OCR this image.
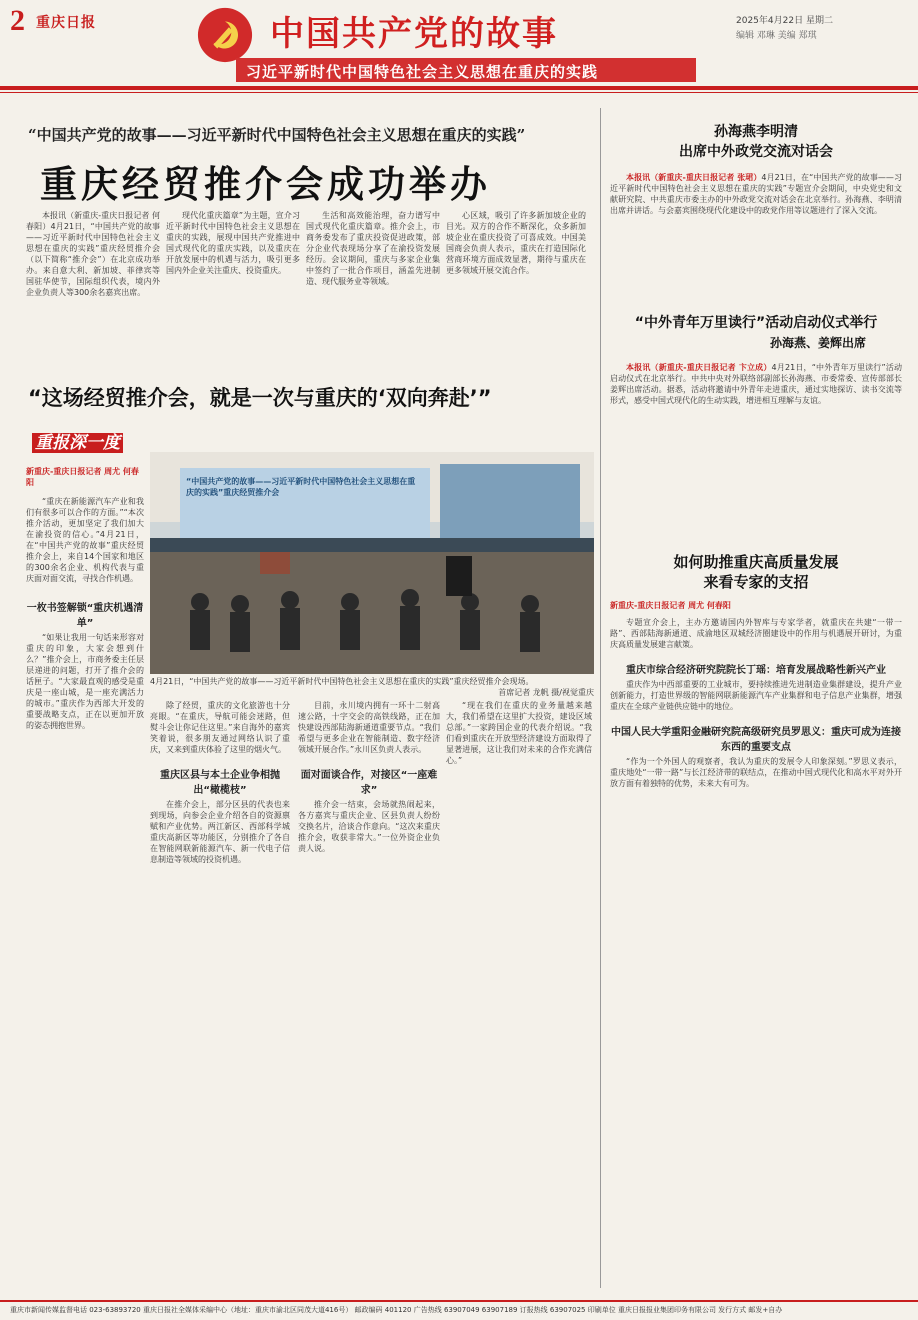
2 重庆日报	中国共产党的故事
习近平新时代中国特色社会主义思想在重庆的实践
2025年4月22日 星期二
编辑 邓琳 美编 郑琪
“中国共产党的故事——习近平新时代中国特色社会主义思想在重庆的实践”
重庆经贸推介会成功举办

本报讯（新重庆-重庆日报记者 何春阳）4月21日，“中国共产党的故事——习近平新时代中国特色社会主义思想在重庆的实践”重庆经贸推介会（以下简称“推介会”）在北京成功举办。来自意大利、新加坡、菲律宾等国驻华使节，国际组织代表，境内外企业负责人等300余名嘉宾出席。

现代化重庆篇章”为主题，宣介习近平新时代中国特色社会主义思想在重庆的实践，展现中国共产党推进中国式现代化的重庆实践，以及重庆在开放发展中的机遇与活力，吸引更多国内外企业关注重庆、投资重庆。

生活和高效能治理，奋力谱写中国式现代化重庆篇章。推介会上，市商务委发布了重庆投资促进政策，部分企业代表现场分享了在渝投资发展经历。会议期间，重庆与多家企业集中签约了一批合作项目，涵盖先进制造、现代服务业等领域。

心区域，吸引了许多新加坡企业的目光。双方的合作不断深化，众多新加坡企业在重庆投资了可喜成效。中国美国商会负责人表示，重庆在打造国际化营商环境方面成效显著，期待与重庆在更多领域开展交流合作。

“这场经贸推介会，就是一次与重庆的‘双向奔赴’”
重报深一度
新重庆-重庆日报记者 周尤 何春阳

“重庆在新能源汽车产业和我们有很多可以合作的方面。”“本次推介活动，更加坚定了我们加大在渝投资的信心。”4月21日，在“中国共产党的故事”重庆经贸推介会上，来自14个国家和地区的300余名企业、机构代表与重庆面对面交流，寻找合作机遇。

一枚书签解锁“重庆机遇清单”

“如果让我用一句话来形容对重庆的印象，大家会想到什么？”推介会上，市商务委主任层层递进的问题，打开了推介会的话匣子。“大家最直观的感受是重庆是一座山城，是一座充满活力的城市。”重庆作为西部大开发的重要战略支点，正在以更加开放的姿态拥抱世界。

除了经贸，重庆的文化旅游也十分亮眼。“在重庆，导航可能会迷路，但熨斗会让你记住这里。”来自海外的嘉宾笑着说，很多朋友通过网络认识了重庆，又来到重庆体验了这里的烟火气。

重庆区县与本土企业争相抛出“橄榄枝”

在推介会上，部分区县的代表也来到现场，向参会企业介绍各自的资源禀赋和产业优势。两江新区、西部科学城重庆高新区等功能区，分别推介了各自在智能网联新能源汽车、新一代电子信息制造等领域的投资机遇。

目前，永川境内拥有一环十二射高速公路，十字交会的高铁线路，正在加快建设西部陆海新通道重要节点。“我们希望与更多企业在智能制造、数字经济领域开展合作。”永川区负责人表示。

面对面谈合作，对接区“一座难求”

推介会一结束，会场就热闹起来，各方嘉宾与重庆企业、区县负责人纷纷交换名片，洽谈合作意向。“这次来重庆推介会，收获非常大。”一位外资企业负责人说。

“现在我们在重庆的业务量越来越大，我们希望在这里扩大投资，建设区域总部。”一家跨国企业的代表介绍说。“我们看到重庆在开放型经济建设方面取得了显著进展，这让我们对未来的合作充满信心。”

“中国共产党的故事——习近平新时代中国特色社会主义思想在重庆的实践”重庆经贸推介会
4月21日，“中国共产党的故事——习近平新时代中国特色社会主义思想在重庆的实践”重庆经贸推介会现场。
首席记者 龙帆 摄/视觉重庆
孙海燕李明清
出席中外政党交流对话会

本报讯（新重庆-重庆日报记者 张珺）4月21日，在“中国共产党的故事——习近平新时代中国特色社会主义思想在重庆的实践”专题宣介会期间，中央党史和文献研究院、中共重庆市委主办的中外政党交流对话会在北京举行。孙海燕、李明清出席并讲话。与会嘉宾围绕现代化建设中的政党作用等议题进行了深入交流。

“中外青年万里读行”活动启动仪式举行
孙海燕、姜辉出席

本报讯（新重庆-重庆日报记者 卞立成）4月21日，“中外青年万里读行”活动启动仪式在北京举行。中共中央对外联络部副部长孙海燕、市委常委、宣传部部长姜辉出席活动。据悉，活动将邀请中外青年走进重庆，通过实地探访、读书交流等形式，感受中国式现代化的生动实践，增进相互理解与友谊。

如何助推重庆高质量发展
来看专家的支招
新重庆-重庆日报记者 周尤 何春阳

专题宣介会上，主办方邀请国内外智库与专家学者，就重庆在共建“一带一路”、西部陆海新通道、成渝地区双城经济圈建设中的作用与机遇展开研讨，为重庆高质量发展建言献策。

重庆市综合经济研究院院长丁瑶：培育发展战略性新兴产业

重庆作为中西部重要的工业城市，要持续推进先进制造业集群建设，提升产业创新能力，打造世界级的智能网联新能源汽车产业集群和电子信息产业集群，增强重庆在全球产业链供应链中的地位。

中国人民大学重阳金融研究院高级研究员罗思义：重庆可成为连接东西的重要支点

“作为一个外国人的观察者，我认为重庆的发展令人印象深刻。”罗思义表示，重庆地处“一带一路”与长江经济带的联结点，在推动中国式现代化和高水平对外开放方面有着独特的优势，未来大有可为。

重庆市新闻传媒监督电话 023-63893720 重庆日报社全媒体采编中心（地址：重庆市渝北区同茂大道416号） 邮政编码 401120 广告热线 63907049 63907189 订报热线 63907025 印刷单位 重庆日报报业集团印务有限公司 发行方式 邮发+自办
